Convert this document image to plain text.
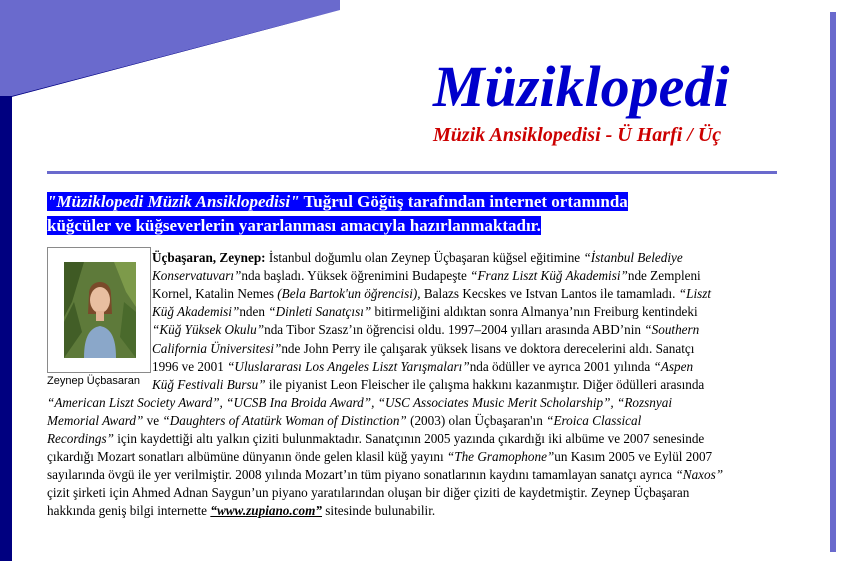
Müziklopedi
Müzik Ansiklopedisi - Ü Harfi / Üç
"Müziklopedi Müzik Ansiklopedisi" Tuğrul Göğüş tarafından internet ortamında
küğcüler ve küğseverlerin yararlanması amacıyla hazırlanmaktadır.
Zeynep Üçbasaran
Üçbaşaran, Zeynep: İstanbul doğumlu olan Zeynep Üçbaşaran küğsel eğitimine “İstanbul Belediye
Konservatuvarı”nda başladı. Yüksek öğrenimini Budapeşte “Franz Liszt Küğ Akademisi”nde Zempleni
Kornel, Katalin Nemes (Bela Bartok'un öğrencisi), Balazs Kecskes ve Istvan Lantos ile tamamladı. “Liszt
Küğ Akademisi”nden “Dinleti Sanatçısı” bitirmeliğini aldıktan sonra Almanya’nın Freiburg kentindeki
“Küğ Yüksek Okulu”nda Tibor Szasz’ın öğrencisi oldu. 1997–2004 yılları arasında ABD’nin “Southern
California Üniversitesi”nde John Perry ile çalışarak yüksek lisans ve doktora derecelerini aldı. Sanatçı
1996 ve 2001 “Uluslararası Los Angeles Liszt Yarışmaları”nda ödüller ve ayrıca 2001 yılında “Aspen
Küğ Festivali Bursu” ile piyanist Leon Fleischer ile çalışma hakkını kazanmıştır. Diğer ödülleri arasında
“American Liszt Society Award”, “UCSB Ina Broida Award”, “USC Associates Music Merit Scholarship”, “Rozsnyai
Memorial Award” ve “Daughters of Atatürk Woman of Distinction” (2003) olan Üçbaşaran'ın “Eroica Classical
Recordings” için kaydettiği altı yalkın çiziti bulunmaktadır. Sanatçının 2005 yazında çıkardığı iki albüme ve 2007 senesinde
çıkardığı Mozart sonatları albümüne dünyanın önde gelen klasil küğ yayını “The Gramophone”un Kasım 2005 ve Eylül 2007
sayılarında övgü ile yer verilmiştir. 2008 yılında Mozart’ın tüm piyano sonatlarının kaydını tamamlayan sanatçı ayrıca “Naxos”
çizit şirketi için Ahmed Adnan Saygun’un piyano yaratılarından oluşan bir diğer çiziti de kaydetmiştir. Zeynep Üçbaşaran
hakkında geniş bilgi internette “www.zupiano.com” sitesinde bulunabilir.
